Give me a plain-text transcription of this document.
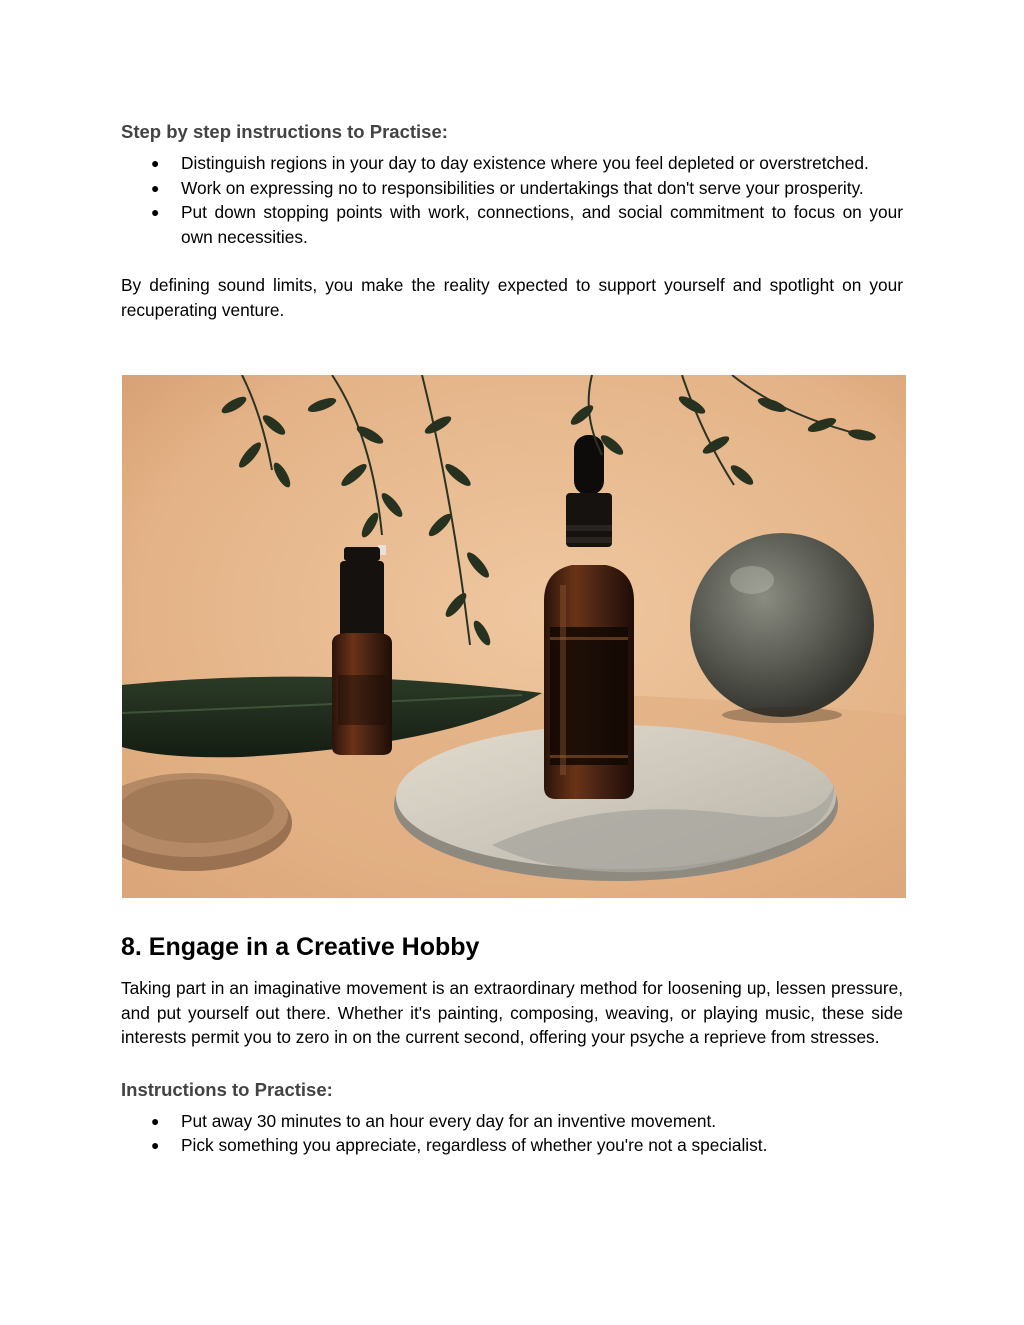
Step by step instructions to Practise:
● Distinguish regions in your day to day existence where you feel depleted or overstretched.
● Work on expressing no to responsibilities or undertakings that don't serve your prosperity.
● Put down stopping points with work, connections, and social commitment to focus on your own necessities.

By defining sound limits, you make the reality expected to support yourself and spotlight on your recuperating venture.

8. Engage in a Creative Hobby

Taking part in an imaginative movement is an extraordinary method for loosening up, lessen pressure, and put yourself out there. Whether it's painting, composing, weaving, or playing music, these side interests permit you to zero in on the current second, offering your psyche a reprieve from stresses.

Instructions to Practise:
● Put away 30 minutes to an hour every day for an inventive movement.
● Pick something you appreciate, regardless of whether you're not a specialist.
